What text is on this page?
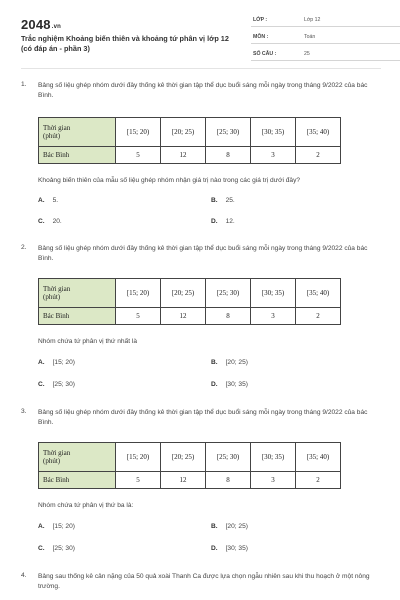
2048.vn
Trắc nghiệm Khoảng biến thiên và khoảng tứ phân vị lớp 12 (có đáp án - phần 3)
LỚP :	Lớp 12
MÔN :	Toán
SỐ CÂU :	25
1. Bảng số liệu ghép nhóm dưới đây thống kê thời gian tập thể dục buổi sáng mỗi ngày trong tháng 9/2022 của bác Bình.
Thời gian
(phút)	[15; 20)	[20; 25)	[25; 30)	[30; 35)	[35; 40)
Bác Bình	5	12	8	3	2
Khoảng biến thiên của mẫu số liệu ghép nhóm nhận giá trị nào trong các giá trị dưới đây?
A. 5.	B. 25.
C. 20.	D. 12.
2. Bảng số liệu ghép nhóm dưới đây thống kê thời gian tập thể dục buổi sáng mỗi ngày trong tháng 9/2022 của bác Bình.
Thời gian
(phút)	[15; 20)	[20; 25)	[25; 30)	[30; 35)	[35; 40)
Bác Bình	5	12	8	3	2
Nhóm chứa tứ phân vị thứ nhất là
A. [15; 20)	B. [20; 25)
C. [25; 30)	D. [30; 35)
3. Bảng số liệu ghép nhóm dưới đây thống kê thời gian tập thể dục buổi sáng mỗi ngày trong tháng 9/2022 của bác Bình.
Thời gian
(phút)	[15; 20)	[20; 25)	[25; 30)	[30; 35)	[35; 40)
Bác Bình	5	12	8	3	2
Nhóm chứa tứ phân vị thứ ba là:
A. [15; 20)	B. [20; 25)
C. [25; 30)	D. [30; 35)
4. Bảng sau thống kê cân nặng của 50 quả xoài Thanh Ca được lựa chọn ngẫu nhiên sau khi thu hoạch ở một nông trường.
